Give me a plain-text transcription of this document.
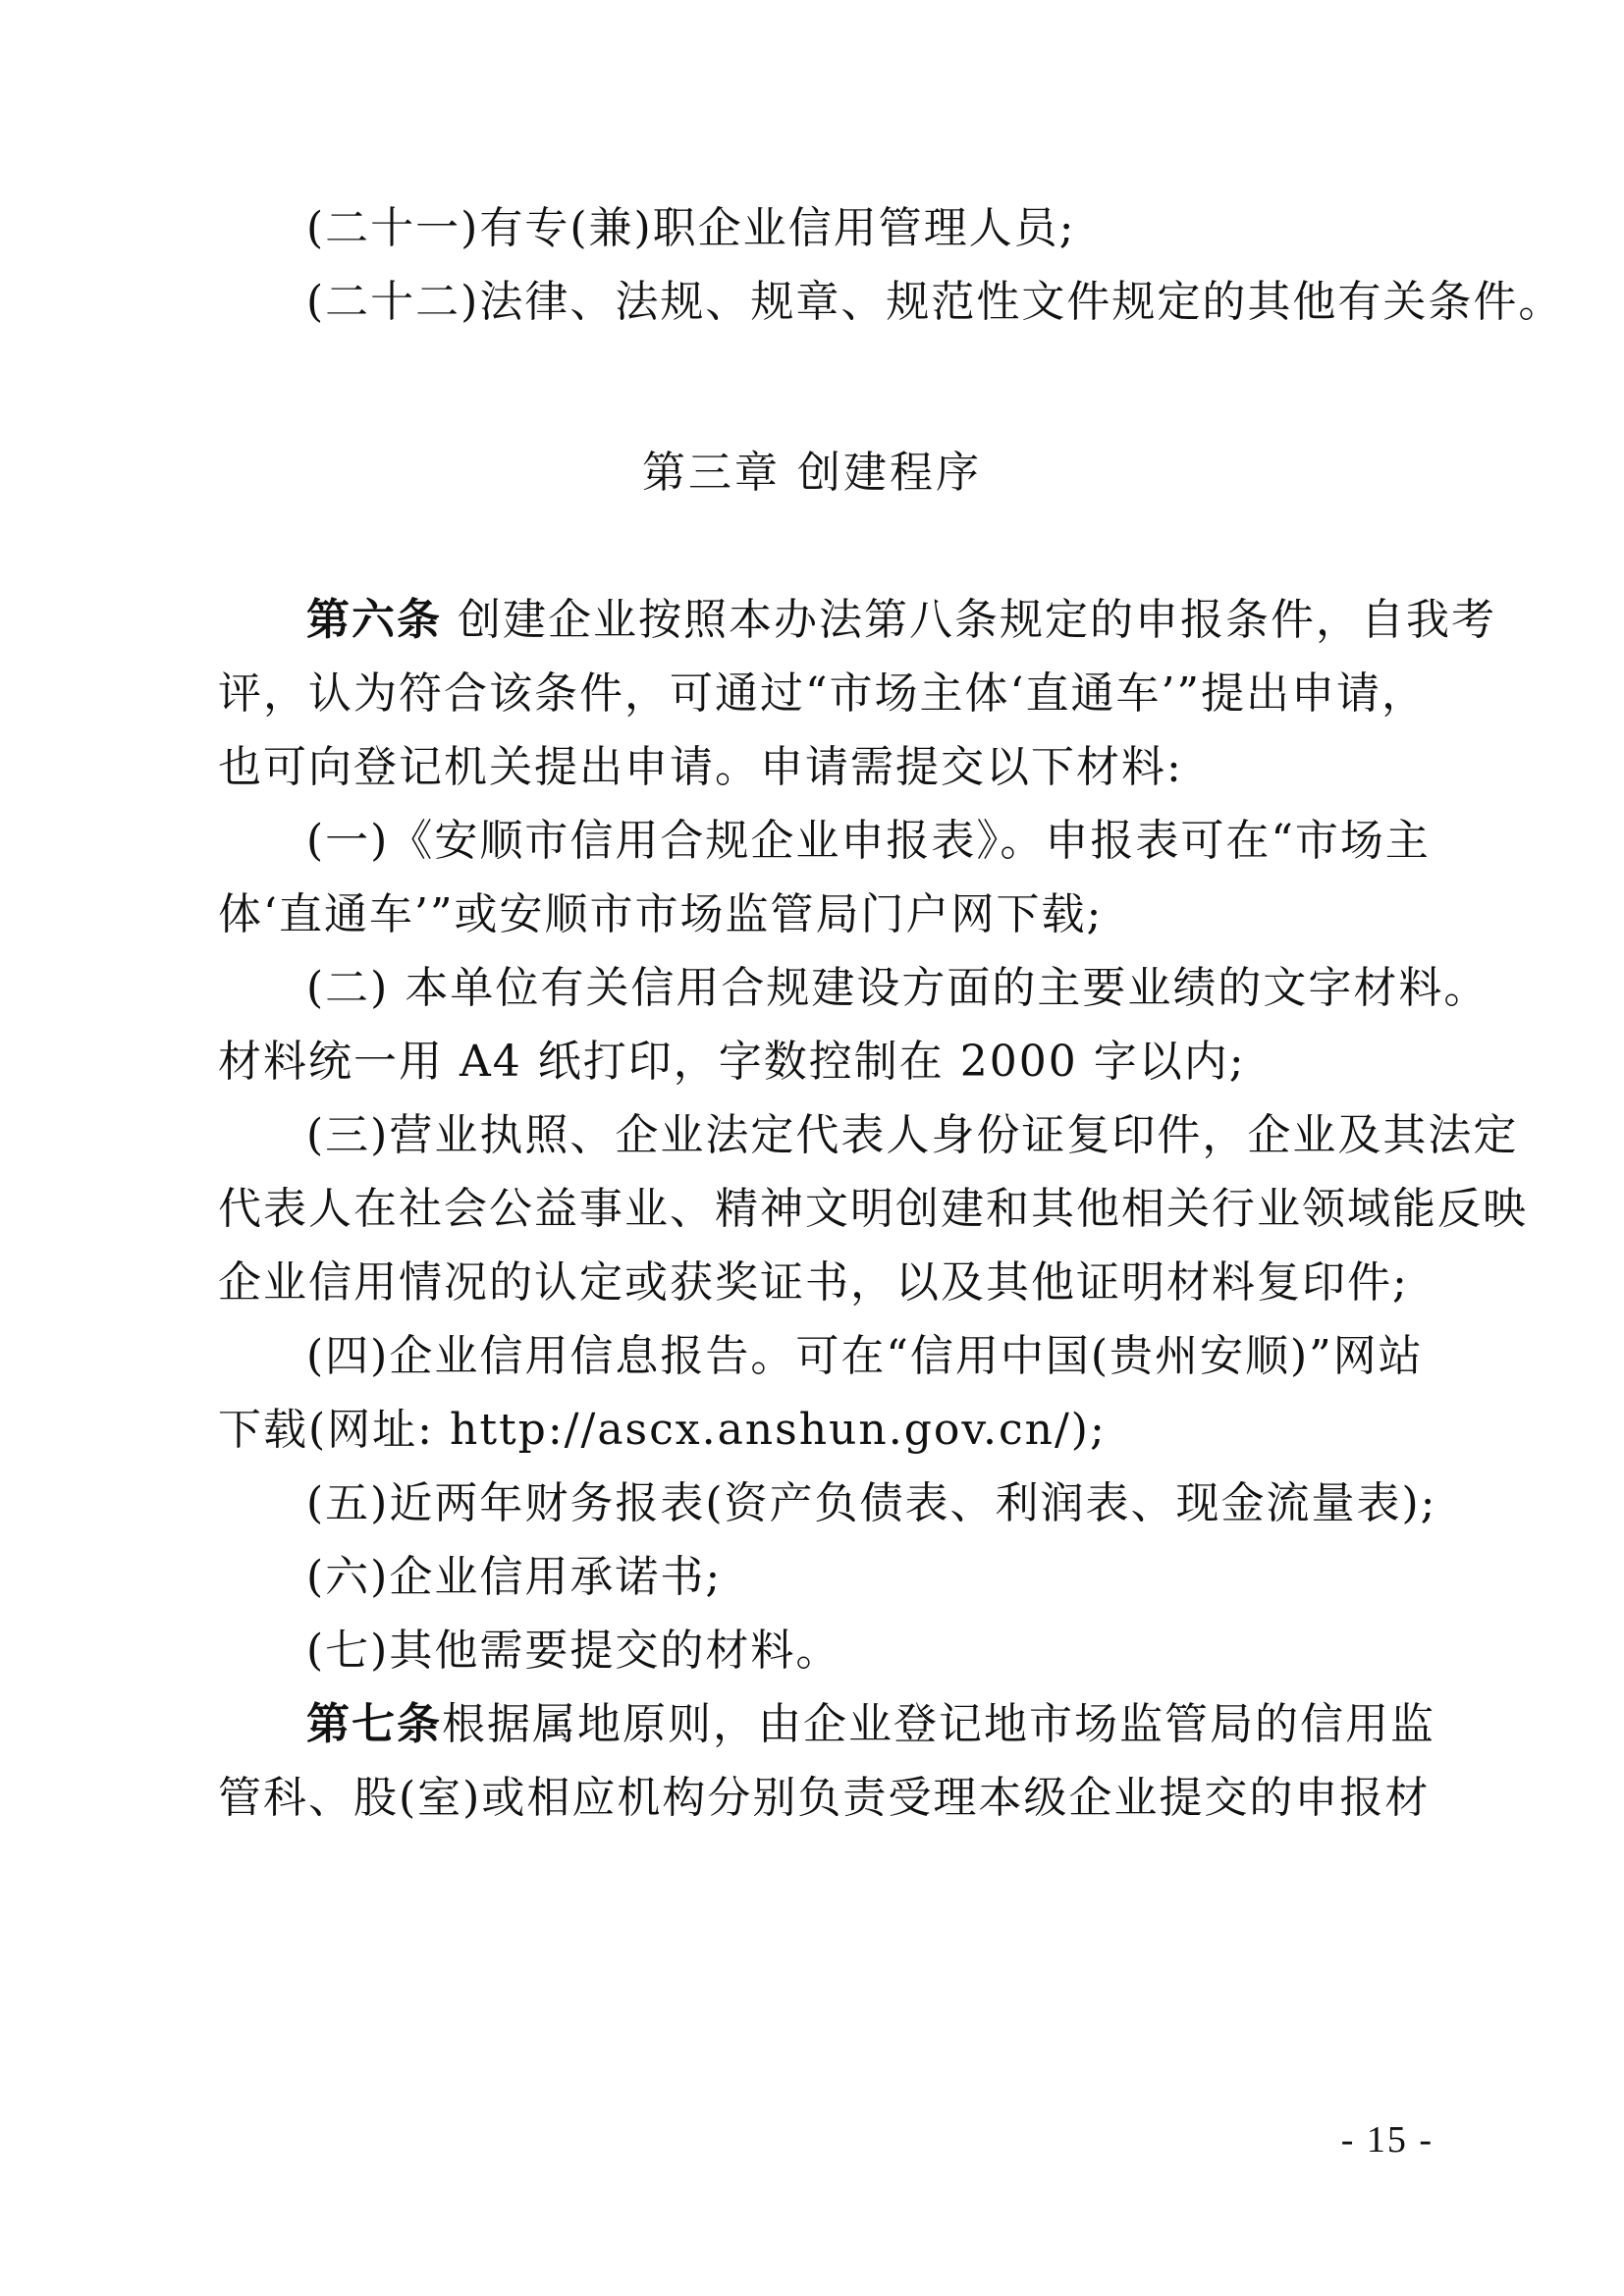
(二十一)有专(兼)职企业信用管理人员;
(二十二)法律、法规、规章、规范性文件规定的其他有关条件。
第三章 创建程序
第六条 创建企业按照本办法第八条规定的申报条件，自我考
评，认为符合该条件，可通过“市场主体‘直通车’”提出申请，
也可向登记机关提出申请。申请需提交以下材料:
(一)《安顺市信用合规企业申报表》。申报表可在“市场主
体‘直通车’”或安顺市市场监管局门户网下载;
(二) 本单位有关信用合规建设方面的主要业绩的文字材料。
材料统一用 A4 纸打印，字数控制在 2000 字以内;
(三)营业执照、企业法定代表人身份证复印件，企业及其法定
代表人在社会公益事业、精神文明创建和其他相关行业领域能反映
企业信用情况的认定或获奖证书，以及其他证明材料复印件;
(四)企业信用信息报告。可在“信用中国(贵州安顺)”网站
下载(网址: http://ascx.anshun.gov.cn/);
(五)近两年财务报表(资产负债表、利润表、现金流量表);
(六)企业信用承诺书;
(七)其他需要提交的材料。
第七条根据属地原则，由企业登记地市场监管局的信用监
管科、股(室)或相应机构分别负责受理本级企业提交的申报材
- 15 -
